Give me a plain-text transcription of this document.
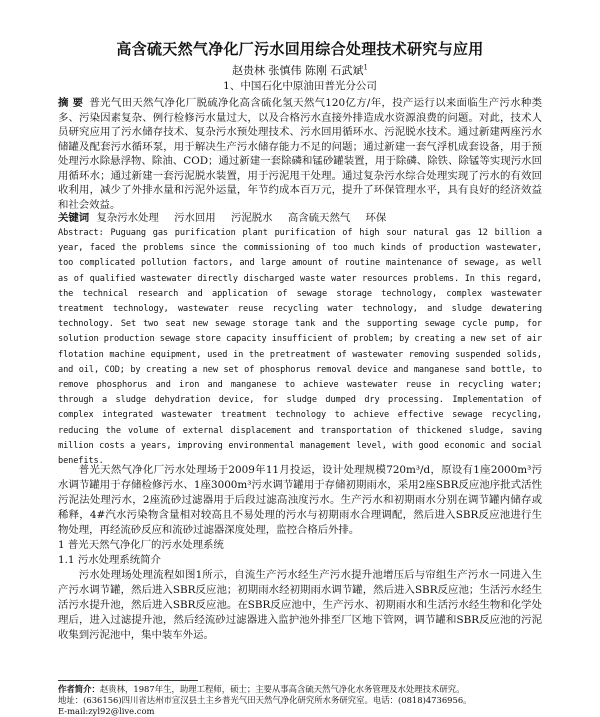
高含硫天然气净化厂污水回用综合处理技术研究与应用
赵贵林 张慎伟 陈刚 石武斌$^1$
1、中国石化中原油田普光分公司
摘 要 普光气田天然气净化厂脱硫净化高含硫化氢天然气120亿方/年，投产运行以来面临生产污水种类多、污染因素复杂、例行检修污水量过大，以及合格污水直接外排造成水资源浪费的问题。对此，技术人员研究应用了污水储存技术、复杂污水预处理技术、污水回用循环水、污泥脱水技术。通过新建两座污水储罐及配套污水循环泵，用于解决生产污水储存能力不足的问题；通过新建一套气浮机成套设备，用于预处理污水除悬浮物、除油、COD；通过新建一套除磷和锰砂罐装置，用于除磷、除铁、除锰等实现污水回用循环水；通过新建一套污泥脱水装置，用于污泥甩干处理。通过复杂污水综合处理实现了污水的有效回收利用，减少了外排水量和污泥外运量，年节约成本百万元，提升了环保管理水平，具有良好的经济效益和社会效益。
关键词 复杂污水处理 污水回用 污泥脱水 高含硫天然气 环保
Abstract: Puguang gas purification plant purification of high sour natural gas 12 billion a year, faced the problems since the commissioning of too much kinds of production wastewater, too complicated pollution factors, and large amount of routine maintenance of sewage, as well as of qualified wastewater directly discharged waste water resources problems. In this regard, the technical research and application of sewage storage technology, complex wastewater treatment technology, wastewater reuse recycling water technology, and sludge dewatering technology. Set two seat new sewage storage tank and the supporting sewage cycle pump, for solution production sewage store capacity insufficient of problem; by creating a new set of air flotation machine equipment, used in the pretreatment of wastewater removing suspended solids, and oil, COD; by creating a new set of phosphorus removal device and manganese sand bottle, to remove phosphorus and iron and manganese to achieve wastewater reuse in recycling water; through a sludge dehydration device, for sludge dumped dry processing. Implementation of complex integrated wastewater treatment technology to achieve effective sewage recycling, reducing the volume of external displacement and transportation of thickened sludge, saving million costs a years, improving environmental management level, with good economic and social benefits.

普光天然气净化厂污水处理场于2009年11月投运，设计处理规模720m³/d，原设有1座2000m³污水调节罐用于存储检修污水、1座3000m³污水调节罐用于存储初期雨水，采用2座SBR反应池序批式活性污泥法处理污水，2座流砂过滤器用于后段过滤高浊度污水。生产污水和初期雨水分别在调节罐内储存或稀释，4#汽水污染物含量相对较高且不易处理的污水与初期雨水合理调配，然后进入SBR反应池进行生物处理，再经流砂反应和流砂过滤器深度处理，监控合格后外排。

1 普光天然气净化厂的污水处理系统
1.1 污水处理系统简介

污水处理场处理流程如图1所示，自流生产污水经生产污水提升池增压后与帘组生产污水一同进入生产污水调节罐，然后进入SBR反应池；初期雨水经初期雨水调节罐，然后进入SBR反应池；生活污水经生活污水提升池，然后进入SBR反应池。在SBR反应池中，生产污水、初期雨水和生活污水经生物和化学处理后，进入过滤提升池，然后经流砂过滤器进入监护池外排至厂区地下管网，调节罐和SBR反应池的污泥收集到污泥池中，集中装车外运。

作者简介：赵贵林，1987年生，助理工程师，硕士；主要从事高含硫天然气净化水务管理及水处理技术研究。
地址：(636156)四川省达州市宣汉县土主乡普光气田天然气净化研究所水务研究室。电话：(0818)4736956。
E-mail:zyl92@live.com
